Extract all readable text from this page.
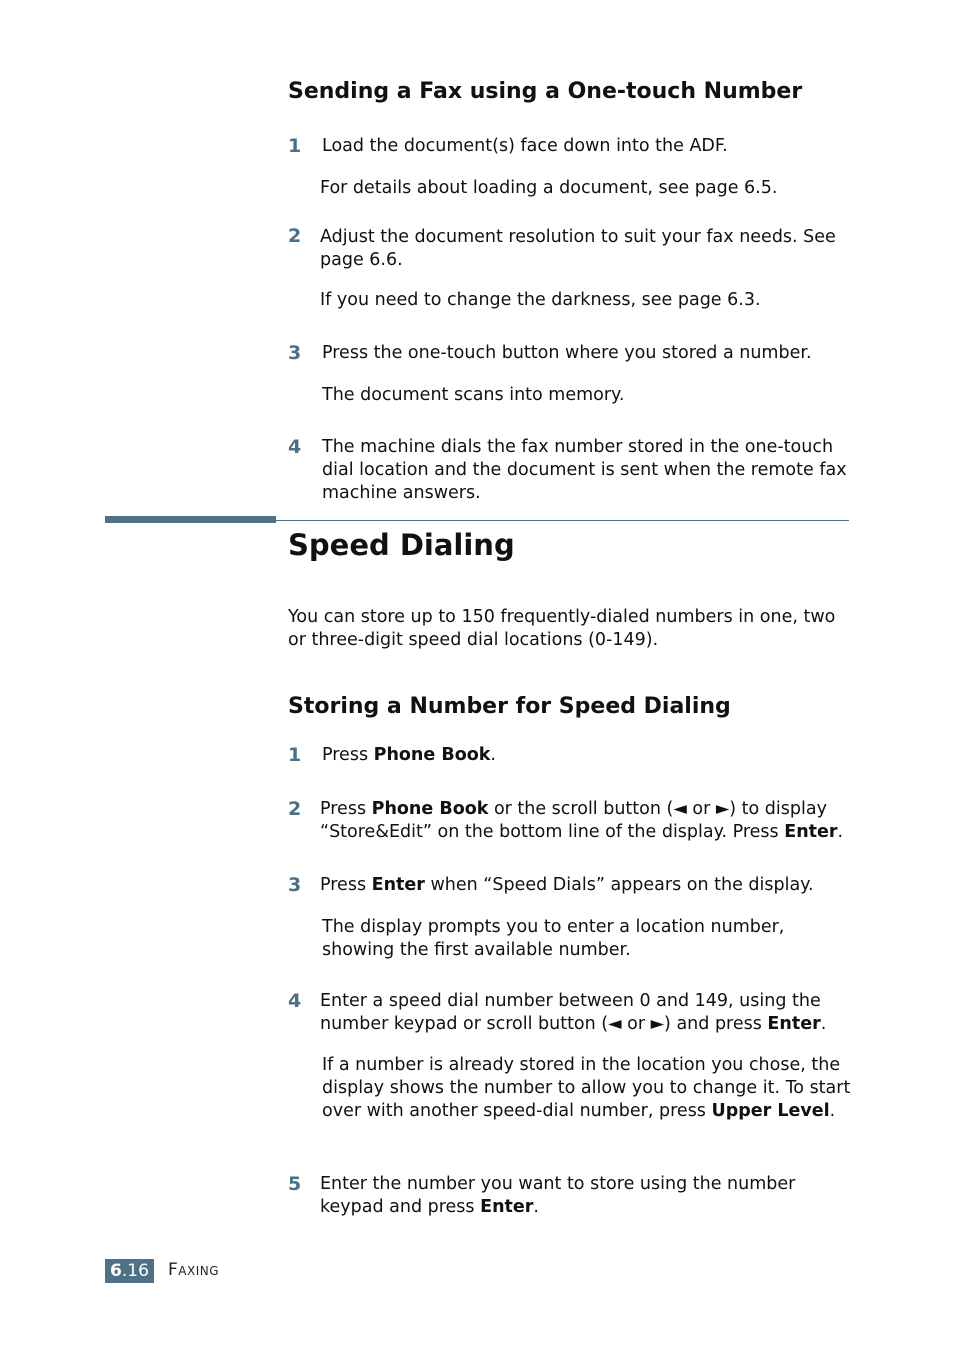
Sending a Fax using a One-touch Number
1 Load the document(s) face down into the ADF.

For details about loading a document, see page 6.5.

2 Adjust the document resolution to suit your fax needs. See page 6.6.

If you need to change the darkness, see page 6.3.

3 Press the one-touch button where you stored a number.

The document scans into memory.

4 The machine dials the fax number stored in the one-touch dial location and the document is sent when the remote fax machine answers.

Speed Dialing

You can store up to 150 frequently-dialed numbers in one, two or three-digit speed dial locations (0-149).

Storing a Number for Speed Dialing
1 Press Phone Book.

2 Press Phone Book or the scroll button (◄ or ►) to display “Store&Edit” on the bottom line of the display. Press Enter.

3 Press Enter when “Speed Dials” appears on the display.

The display prompts you to enter a location number, showing the first available number.

4 Enter a speed dial number between 0 and 149, using the number keypad or scroll button (◄ or ►) and press Enter.

If a number is already stored in the location you chose, the display shows the number to allow you to change it. To start over with another speed-dial number, press Upper Level.

5 Enter the number you want to store using the number keypad and press Enter.

6.16 Faxing
